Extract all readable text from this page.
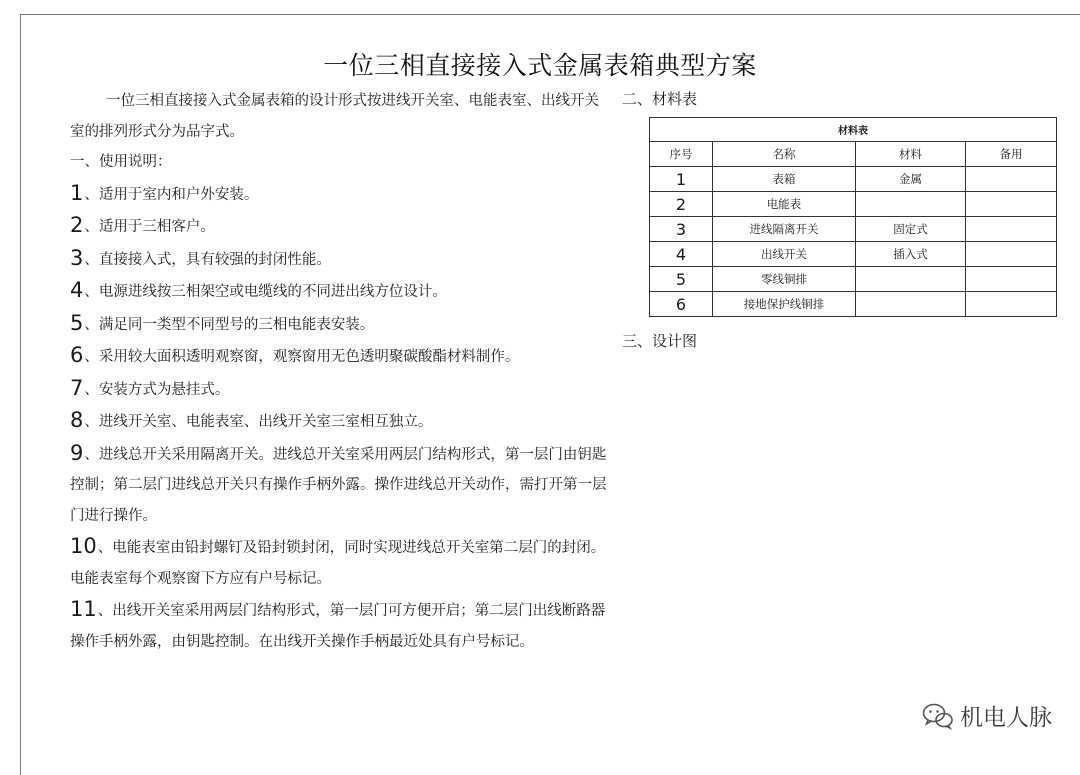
一位三相直接接入式金属表箱典型方案

一位三相直接接入式金属表箱的设计形式按进线开关室、电能表室、出线开关室的排列形式分为品字式。

一、使用说明：

1、适用于室内和户外安装。

2、适用于三相客户。

3、直接接入式，具有较强的封闭性能。

4、电源进线按三相架空或电缆线的不同进出线方位设计。

5、满足同一类型不同型号的三相电能表安装。

6、采用较大面积透明观察窗，观察窗用无色透明聚碳酸酯材料制作。

7、安装方式为悬挂式。

8、进线开关室、电能表室、出线开关室三室相互独立。

9、进线总开关采用隔离开关。进线总开关室采用两层门结构形式，第一层门由钥匙控制；第二层门进线总开关只有操作手柄外露。操作进线总开关动作，需打开第一层门进行操作。

10、电能表室由铅封螺钉及铅封锁封闭，同时实现进线总开关室第二层门的封闭。电能表室每个观察窗下方应有户号标记。

11、出线开关室采用两层门结构形式，第一层门可方便开启；第二层门出线断路器操作手柄外露，由钥匙控制。在出线开关操作手柄最近处具有户号标记。

二、材料表
材料表			
序号	名称	材料	备用
1	表箱	金属	
2	电能表		
3	进线隔离开关	固定式	
4	出线开关	插入式	
5	零线铜排		
6	接地保护线铜排		
三、设计图
机电人脉
